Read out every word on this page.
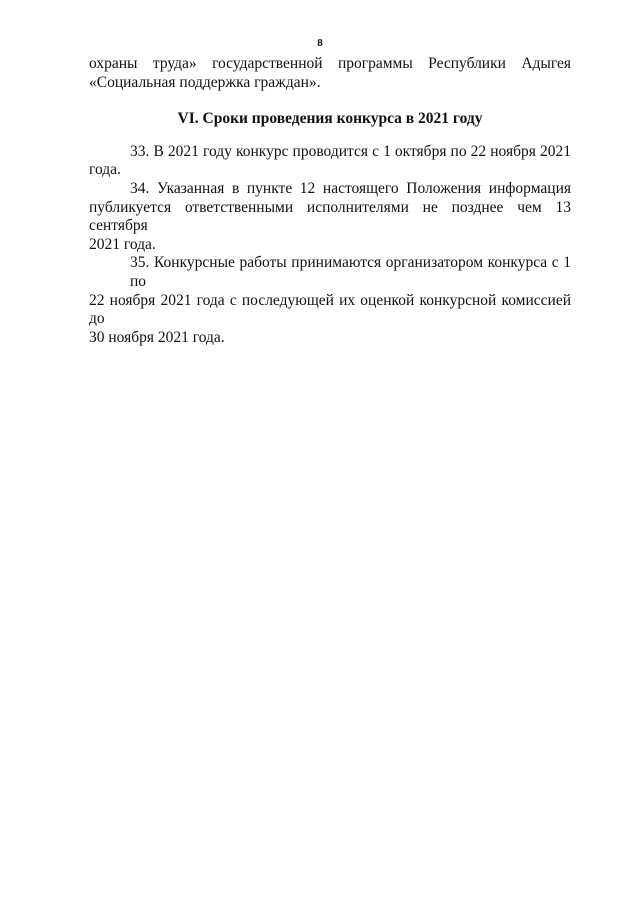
8
охраны труда» государственной программы Республики Адыгея
«Социальная поддержка граждан».
VI. Сроки проведения конкурса в 2021 году
33. В 2021 году конкурс проводится с 1 октября по 22 ноября 2021
года.
34. Указанная в пункте 12 настоящего Положения информация
публикуется ответственными исполнителями не позднее чем 13 сентября
2021 года.
35. Конкурсные работы принимаются организатором конкурса с 1 по
22 ноября 2021 года с последующей их оценкой конкурсной комиссией до
30 ноября 2021 года.
